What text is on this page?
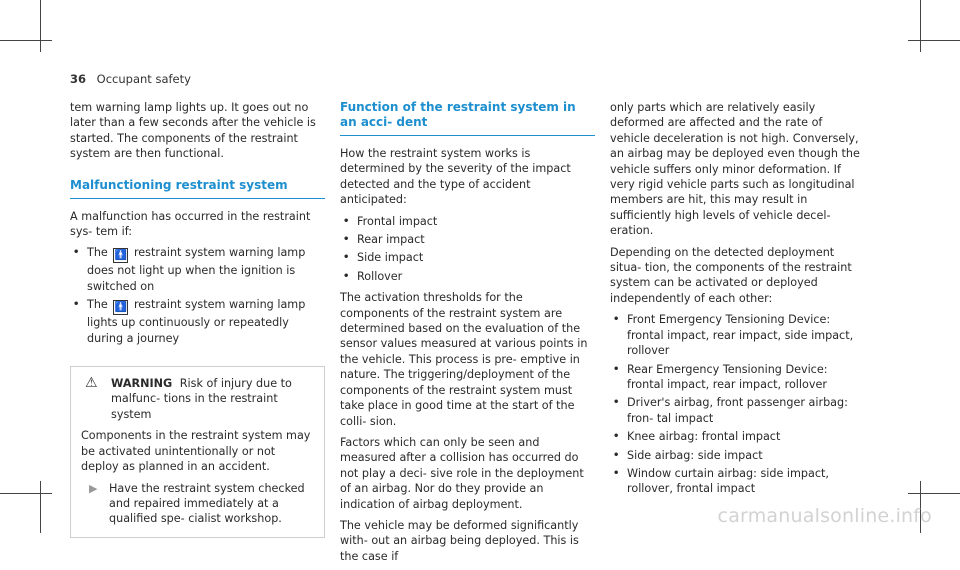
36 Occupant safety

tem warning lamp lights up. It goes out no later than a few seconds after the vehicle is started. The components of the restraint system are then functional.

Malfunctioning restraint system

A malfunction has occurred in the restraint sys- tem if:

• The 🚹 restraint system warning lamp does not light up when the ignition is switched on
• The 🚹 restraint system warning lamp lights up continuously or repeatedly during a journey
⚠ WARNING Risk of injury due to malfunc- tions in the restraint system

Components in the restraint system may be activated unintentionally or not deploy as planned in an accident.

▶ Have the restraint system checked and repaired immediately at a qualified spe- cialist workshop.
Function of the restraint system in an acci- dent

How the restraint system works is determined by the severity of the impact detected and the type of accident anticipated:

• Frontal impact
• Rear impact
• Side impact
• Rollover

The activation thresholds for the components of the restraint system are determined based on the evaluation of the sensor values measured at various points in the vehicle. This process is pre- emptive in nature. The triggering/deployment of the components of the restraint system must take place in good time at the start of the colli- sion.

Factors which can only be seen and measured after a collision has occurred do not play a deci- sive role in the deployment of an airbag. Nor do they provide an indication of airbag deployment.

The vehicle may be deformed significantly with- out an airbag being deployed. This is the case if

only parts which are relatively easily deformed are affected and the rate of vehicle deceleration is not high. Conversely, an airbag may be deployed even though the vehicle suffers only minor deformation. If very rigid vehicle parts such as longitudinal members are hit, this may result in sufficiently high levels of vehicle decel- eration.

Depending on the detected deployment situa- tion, the components of the restraint system can be activated or deployed independently of each other:

• Front Emergency Tensioning Device: frontal impact, rear impact, side impact, rollover
• Rear Emergency Tensioning Device: frontal impact, rear impact, rollover
• Driver's airbag, front passenger airbag: fron- tal impact
• Knee airbag: frontal impact
• Side airbag: side impact
• Window curtain airbag: side impact, rollover, frontal impact
carmanualsonline.info
